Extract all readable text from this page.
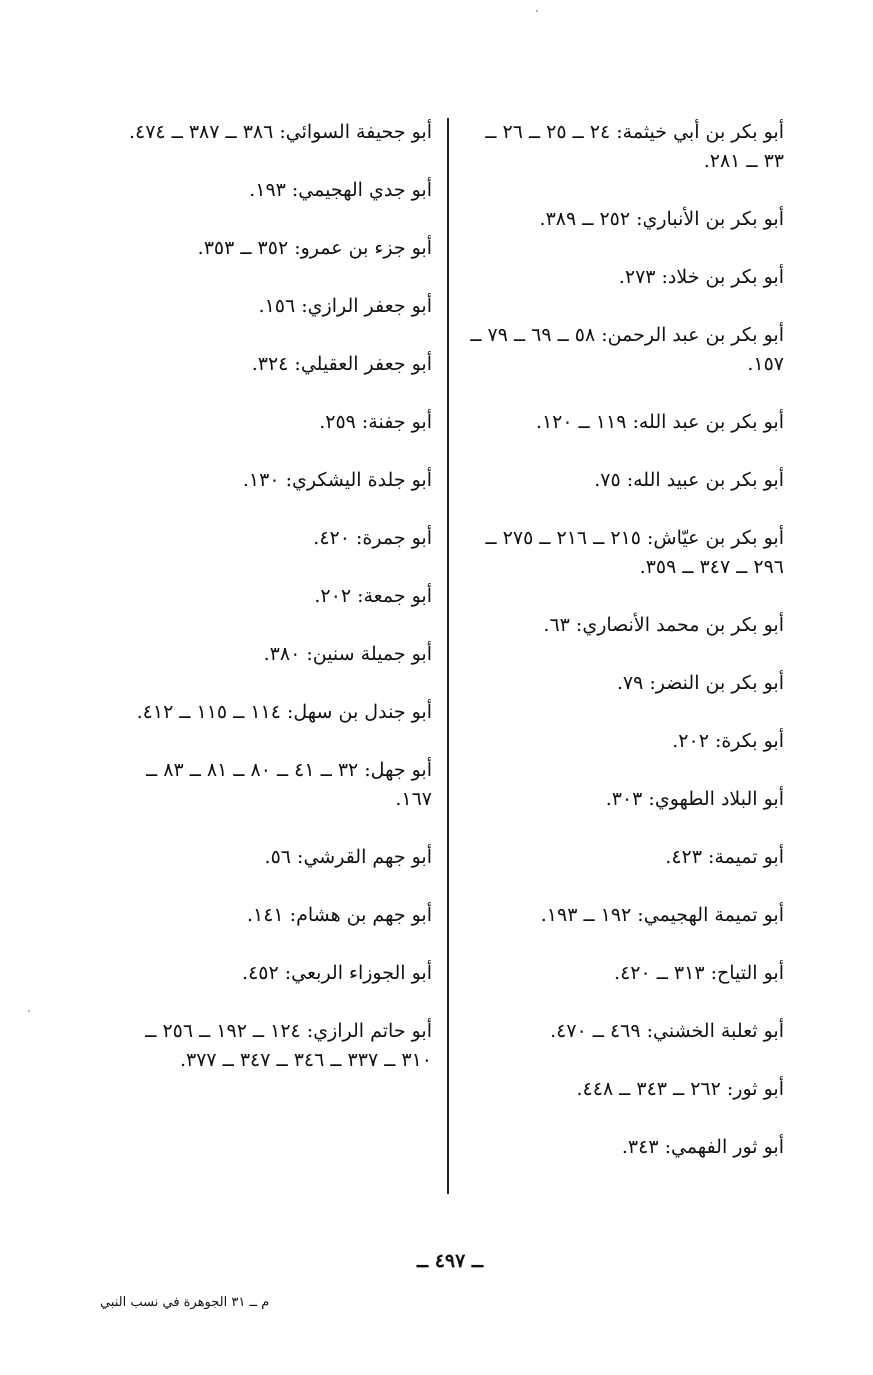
أبو بكر بن أبي خيثمة: ٢٤ ــ ٢٥ ــ ٢٦ ــ ٣٣ ــ ٢٨١.

أبو بكر بن الأنباري: ٢٥٢ ــ ٣٨٩.

أبو بكر بن خلاد: ٢٧٣.

أبو بكر بن عبد الرحمن: ٥٨ ــ ٦٩ ــ ٧٩ ــ ١٥٧.

أبو بكر بن عبد الله: ١١٩ ــ ١٢٠.

أبو بكر بن عبيد الله: ٧٥.

أبو بكر بن عيّاش: ٢١٥ ــ ٢١٦ ــ ٢٧٥ ــ ٢٩٦ ــ ٣٤٧ ــ ٣٥٩.

أبو بكر بن محمد الأنصاري: ٦٣.

أبو بكر بن النضر: ٧٩.

أبو بكرة: ٢٠٢.

أبو البلاد الطهوي: ٣٠٣.

أبو تميمة: ٤٢٣.

أبو تميمة الهجيمي: ١٩٢ ــ ١٩٣.

أبو التياح: ٣١٣ ــ ٤٢٠.

أبو ثعلبة الخشني: ٤٦٩ ــ ٤٧٠.

أبو ثور: ٢٦٢ ــ ٣٤٣ ــ ٤٤٨.

أبو ثور الفهمي: ٣٤٣.

أبو جحيفة السوائي: ٣٨٦ ــ ٣٨٧ ــ ٤٧٤.

أبو جدي الهجيمي: ١٩٣.

أبو جزء بن عمرو: ٣٥٢ ــ ٣٥٣.

أبو جعفر الرازي: ١٥٦.

أبو جعفر العقيلي: ٣٢٤.

أبو جفنة: ٢٥٩.

أبو جلدة اليشكري: ١٣٠.

أبو جمرة: ٤٢٠.

أبو جمعة: ٢٠٢.

أبو جميلة سنين: ٣٨٠.

أبو جندل بن سهل: ١١٤ ــ ١١٥ ــ ٤١٢.

أبو جهل: ٣٢ ــ ٤١ ــ ٨٠ ــ ٨١ ــ ٨٣ ــ ١٦٧.

أبو جهم القرشي: ٥٦.

أبو جهم بن هشام: ١٤١.

أبو الجوزاء الربعي: ٤٥٢.

أبو حاتم الرازي: ١٢٤ ــ ١٩٢ ــ ٢٥٦ ــ ٣١٠ ــ ٣٣٧ ــ ٣٤٦ ــ ٣٤٧ ــ ٣٧٧.

ــ ٤٩٧ ــ
م ــ ٣١ الجوهرة في نسب النبي
